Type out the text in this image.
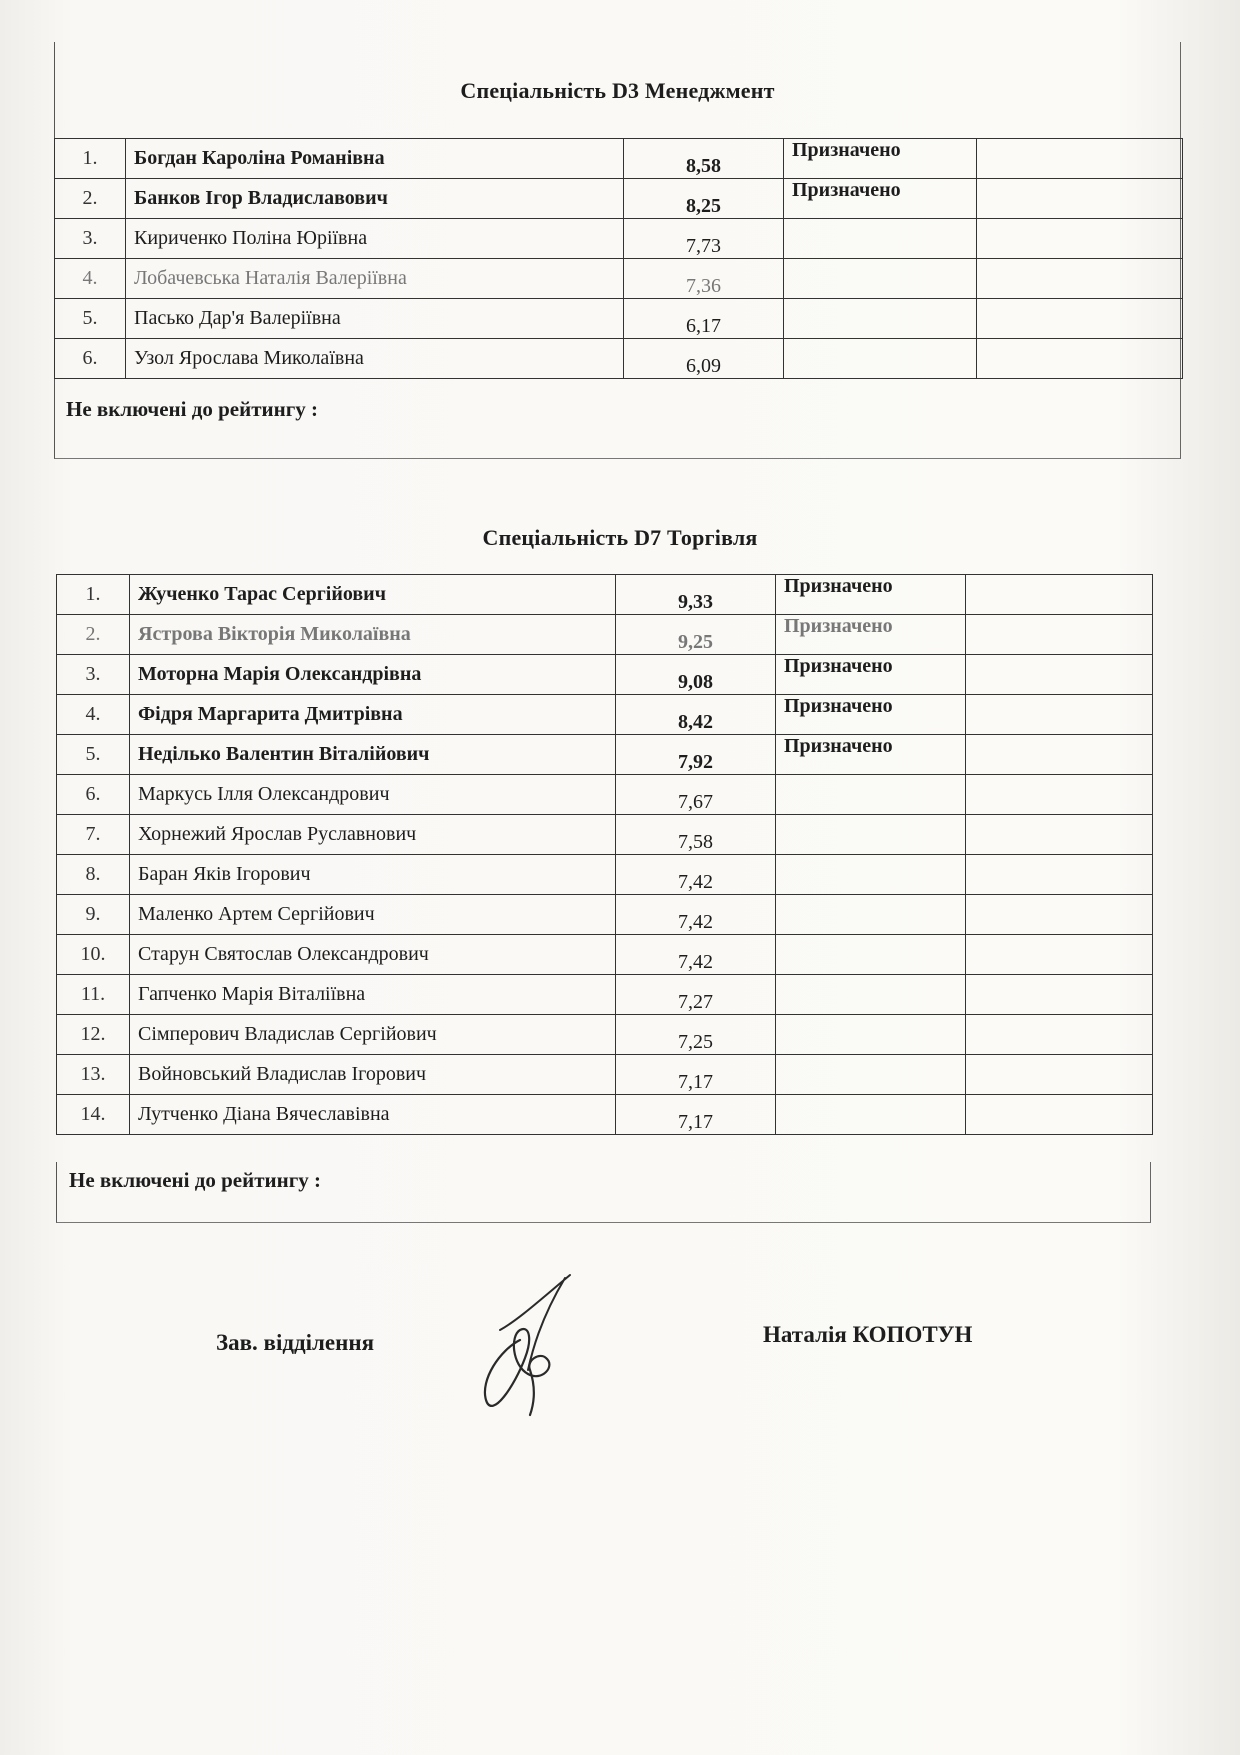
Спеціальність D3 Менеджмент
1.	Богдан Кароліна Романівна	8,58	Призначено	
2.	Банков Ігор Владиславович	8,25	Призначено	
3.	Кириченко Поліна Юріївна	7,73		
4.	Лобачевська Наталія Валеріївна	7,36		
5.	Пасько Дар'я Валеріївна	6,17		
6.	Узол Ярослава Миколаївна	6,09		
Не включені до рейтингу :
Спеціальність D7 Торгівля
1.	Жученко Тарас Сергійович	9,33	Призначено	
2.	Ястрова Вікторія Миколаївна	9,25	Призначено	
3.	Моторна Марія Олександрівна	9,08	Призначено	
4.	Фідря Маргарита Дмитрівна	8,42	Призначено	
5.	Неділько Валентин Віталійович	7,92	Призначено	
6.	Маркусь Ілля Олександрович	7,67		
7.	Хорнежий Ярослав Руславнович	7,58		
8.	Баран Яків Ігорович	7,42		
9.	Маленко Артем Сергійович	7,42		
10.	Старун Святослав Олександрович	7,42		
11.	Гапченко Марія Віталіївна	7,27		
12.	Сімперович Владислав Сергійович	7,25		
13.	Войновський Владислав Ігорович	7,17		
14.	Лутченко Діана Вячеславівна	7,17		
Не включені до рейтингу :
Зав. відділення	Наталія КОПОТУН
